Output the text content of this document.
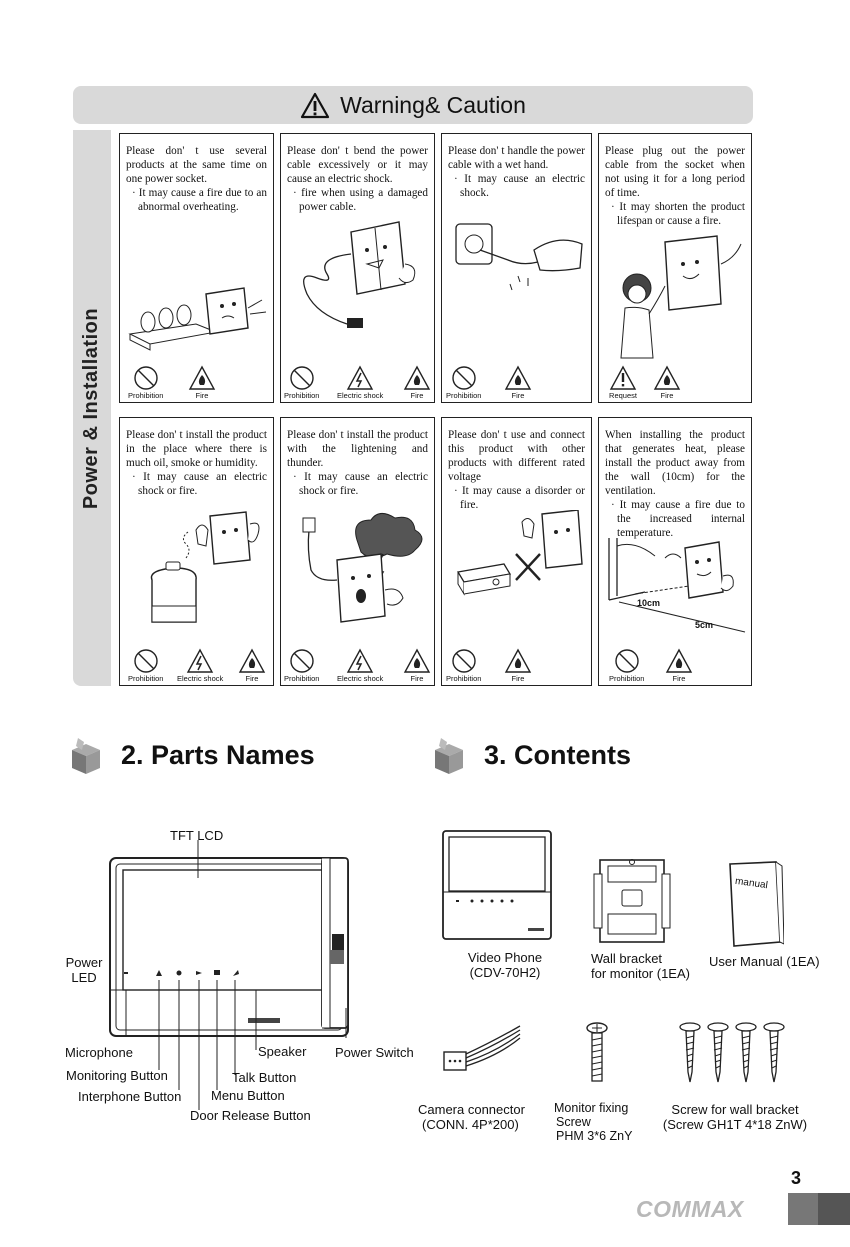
Warning& Caution
Power & Installation
Please don' t use several products at the same time on one power socket.
· It may cause a fire due to an abnormal overheating.
Prohibition	Fire
Please don' t bend the power cable excessively or it may cause an electric shock.
· fire when using a damaged power cable.
Prohibition Electric shock	Fire
Please don' t handle the power cable with a wet hand.
· It may cause an electric shock.
Prohibition	Fire
Please plug out the power cable from the socket when not using it for a long period of time.
· It may shorten the product lifespan or cause a fire.
Request	Fire
Please don' t install the product in the place where there is much oil, smoke or humidity.
· It may cause an electric shock or fire.
Prohibition Electric shock	Fire
Please don' t install the product with the lightening and thunder.
· It may cause an electric shock or fire.
Prohibition Electric shock	Fire
Please don' t use and connect this product with other products with different rated voltage
· It may cause a disorder or fire.
Prohibition	Fire
When installing the product that generates heat, please install the product away from the wall (10cm) for the ventilation.
· It may cause a fire due to the increased internal temperature.
10cm
5cm
Prohibition	Fire
2. Parts Names	3. Contents
TFT LCD
Power
LED
Microphone
Monitoring Button
Interphone Button
Speaker
Talk Button
Menu Button
Door Release Button
Power Switch
Video Phone
(CDV-70H2)
Wall bracket
for monitor (1EA)
manual
User Manual (1EA)
Camera connector
(CONN. 4P*200)
Monitor fixing
Screw
PHM 3*6 ZnY
Screw for wall bracket
(Screw GH1T 4*18 ZnW)
3
COMMAX
